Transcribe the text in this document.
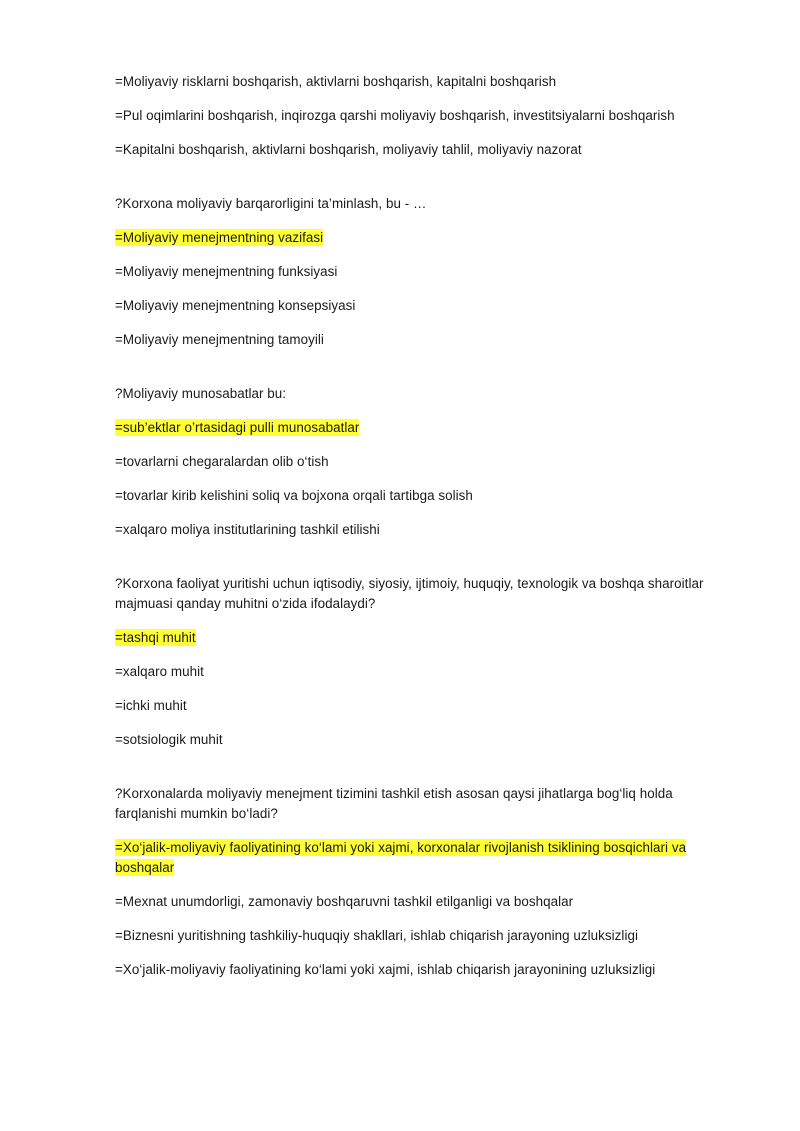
=Moliyaviy risklarni boshqarish, aktivlarni boshqarish, kapitalni boshqarish

=Pul oqimlarini boshqarish, inqirozga qarshi moliyaviy boshqarish, investitsiyalarni boshqarish

=Kapitalni boshqarish, aktivlarni boshqarish, moliyaviy tahlil, moliyaviy nazorat

?Korxona moliyaviy barqarorligini ta’minlash, bu - …

=Moliyaviy menejmentning vazifasi

=Moliyaviy menejmentning funksiyasi

=Moliyaviy menejmentning konsepsiyasi

=Moliyaviy menejmentning tamoyili

?Moliyaviy munosabatlar bu:

=sub’ektlar o’rtasidagi pulli munosabatlar

=tovarlarni chegaralardan olib o‘tish

=tovarlar kirib kelishini soliq va bojxona orqali tartibga solish

=xalqaro moliya institutlarining tashkil etilishi

?Korxona faoliyat yuritishi uchun iqtisodiy, siyosiy, ijtimoiy, huquqiy, texnologik va boshqa sharoitlar majmuasi qanday muhitni o‘zida ifodalaydi?

=tashqi muhit

=xalqaro muhit

=ichki muhit

=sotsiologik muhit

?Korxonalarda moliyaviy menejment tizimini tashkil etish asosan qaysi jihatlarga bog‘liq holda farqlanishi mumkin bo‘ladi?

=Xo‘jalik-moliyaviy faoliyatining ko‘lami yoki xajmi, korxonalar rivojlanish tsiklining bosqichlari va boshqalar

=Mexnat unumdorligi, zamonaviy boshqaruvni tashkil etilganligi va boshqalar

=Biznesni yuritishning tashkiliy-huquqiy shakllari, ishlab chiqarish jarayoning uzluksizligi

=Xo‘jalik-moliyaviy faoliyatining ko‘lami yoki xajmi, ishlab chiqarish jarayonining uzluksizligi
